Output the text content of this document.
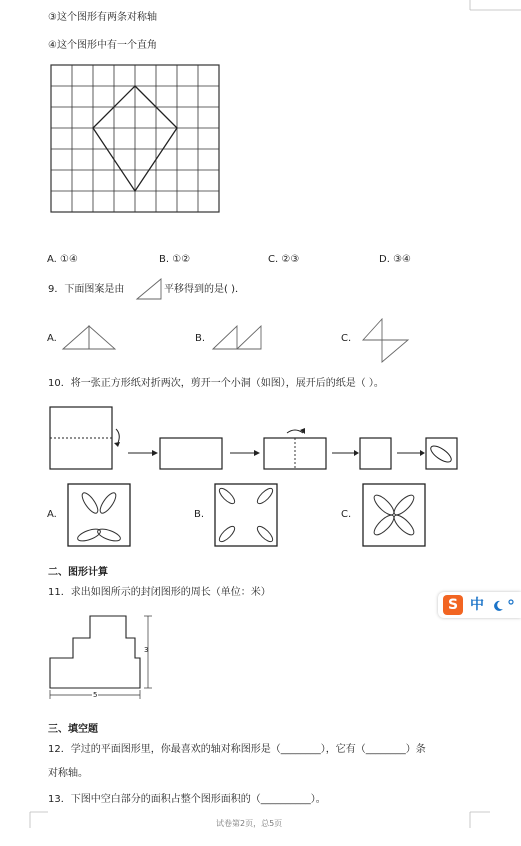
③这个图形有两条对称轴
④这个图形中有一个直角
A. ①④	B. ①②	C. ②③	D. ③④
9．下面图案是由	平移得到的是( )．
A.	B.	C.
10．将一张正方形纸对折两次，剪开一个小洞（如图），展开后的纸是（ ）。
A.	B.	C.
二、图形计算
11．求出如图所示的封闭图形的周长（单位：米）
3
5
三、填空题
12．学过的平面图形里，你最喜欢的轴对称图形是（________），它有（________）条
对称轴。
13．下图中空白部分的面积占整个图形面积的（__________）。
试卷第2页，总5页
S 中
